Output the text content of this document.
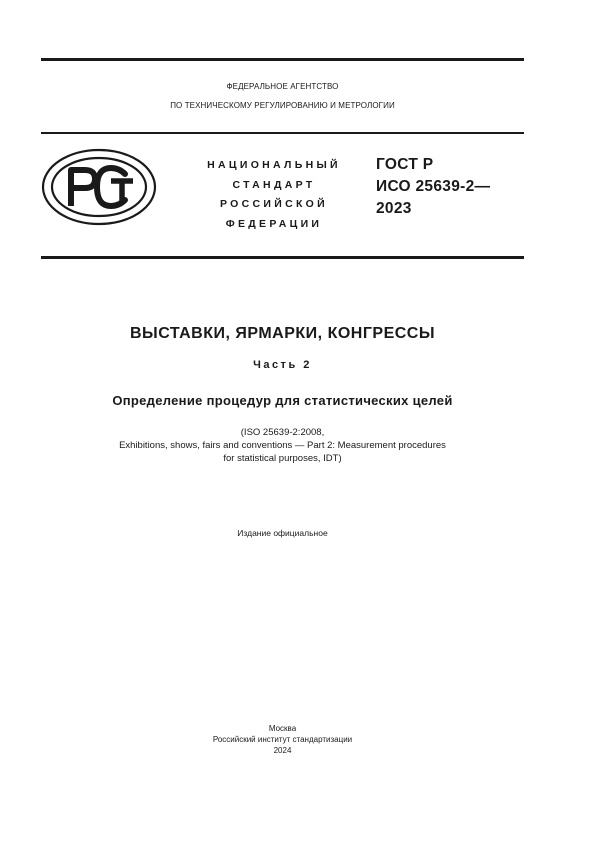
ФЕДЕРАЛЬНОЕ АГЕНТСТВО
ПО ТЕХНИЧЕСКОМУ РЕГУЛИРОВАНИЮ И МЕТРОЛОГИИ
НАЦИОНАЛЬНЫЙ
СТАНДАРТ
РОССИЙСКОЙ
ФЕДЕРАЦИИ
ГОСТ Р
ИСО 25639-2—
2023
ВЫСТАВКИ, ЯРМАРКИ, КОНГРЕССЫ
Часть 2
Определение процедур для статистических целей
(ISO 25639-2:2008,
Exhibitions, shows, fairs and conventions — Part 2: Measurement procedures
for statistical purposes, IDT)
Издание официальное
Москва
Российский институт стандартизации
2024
